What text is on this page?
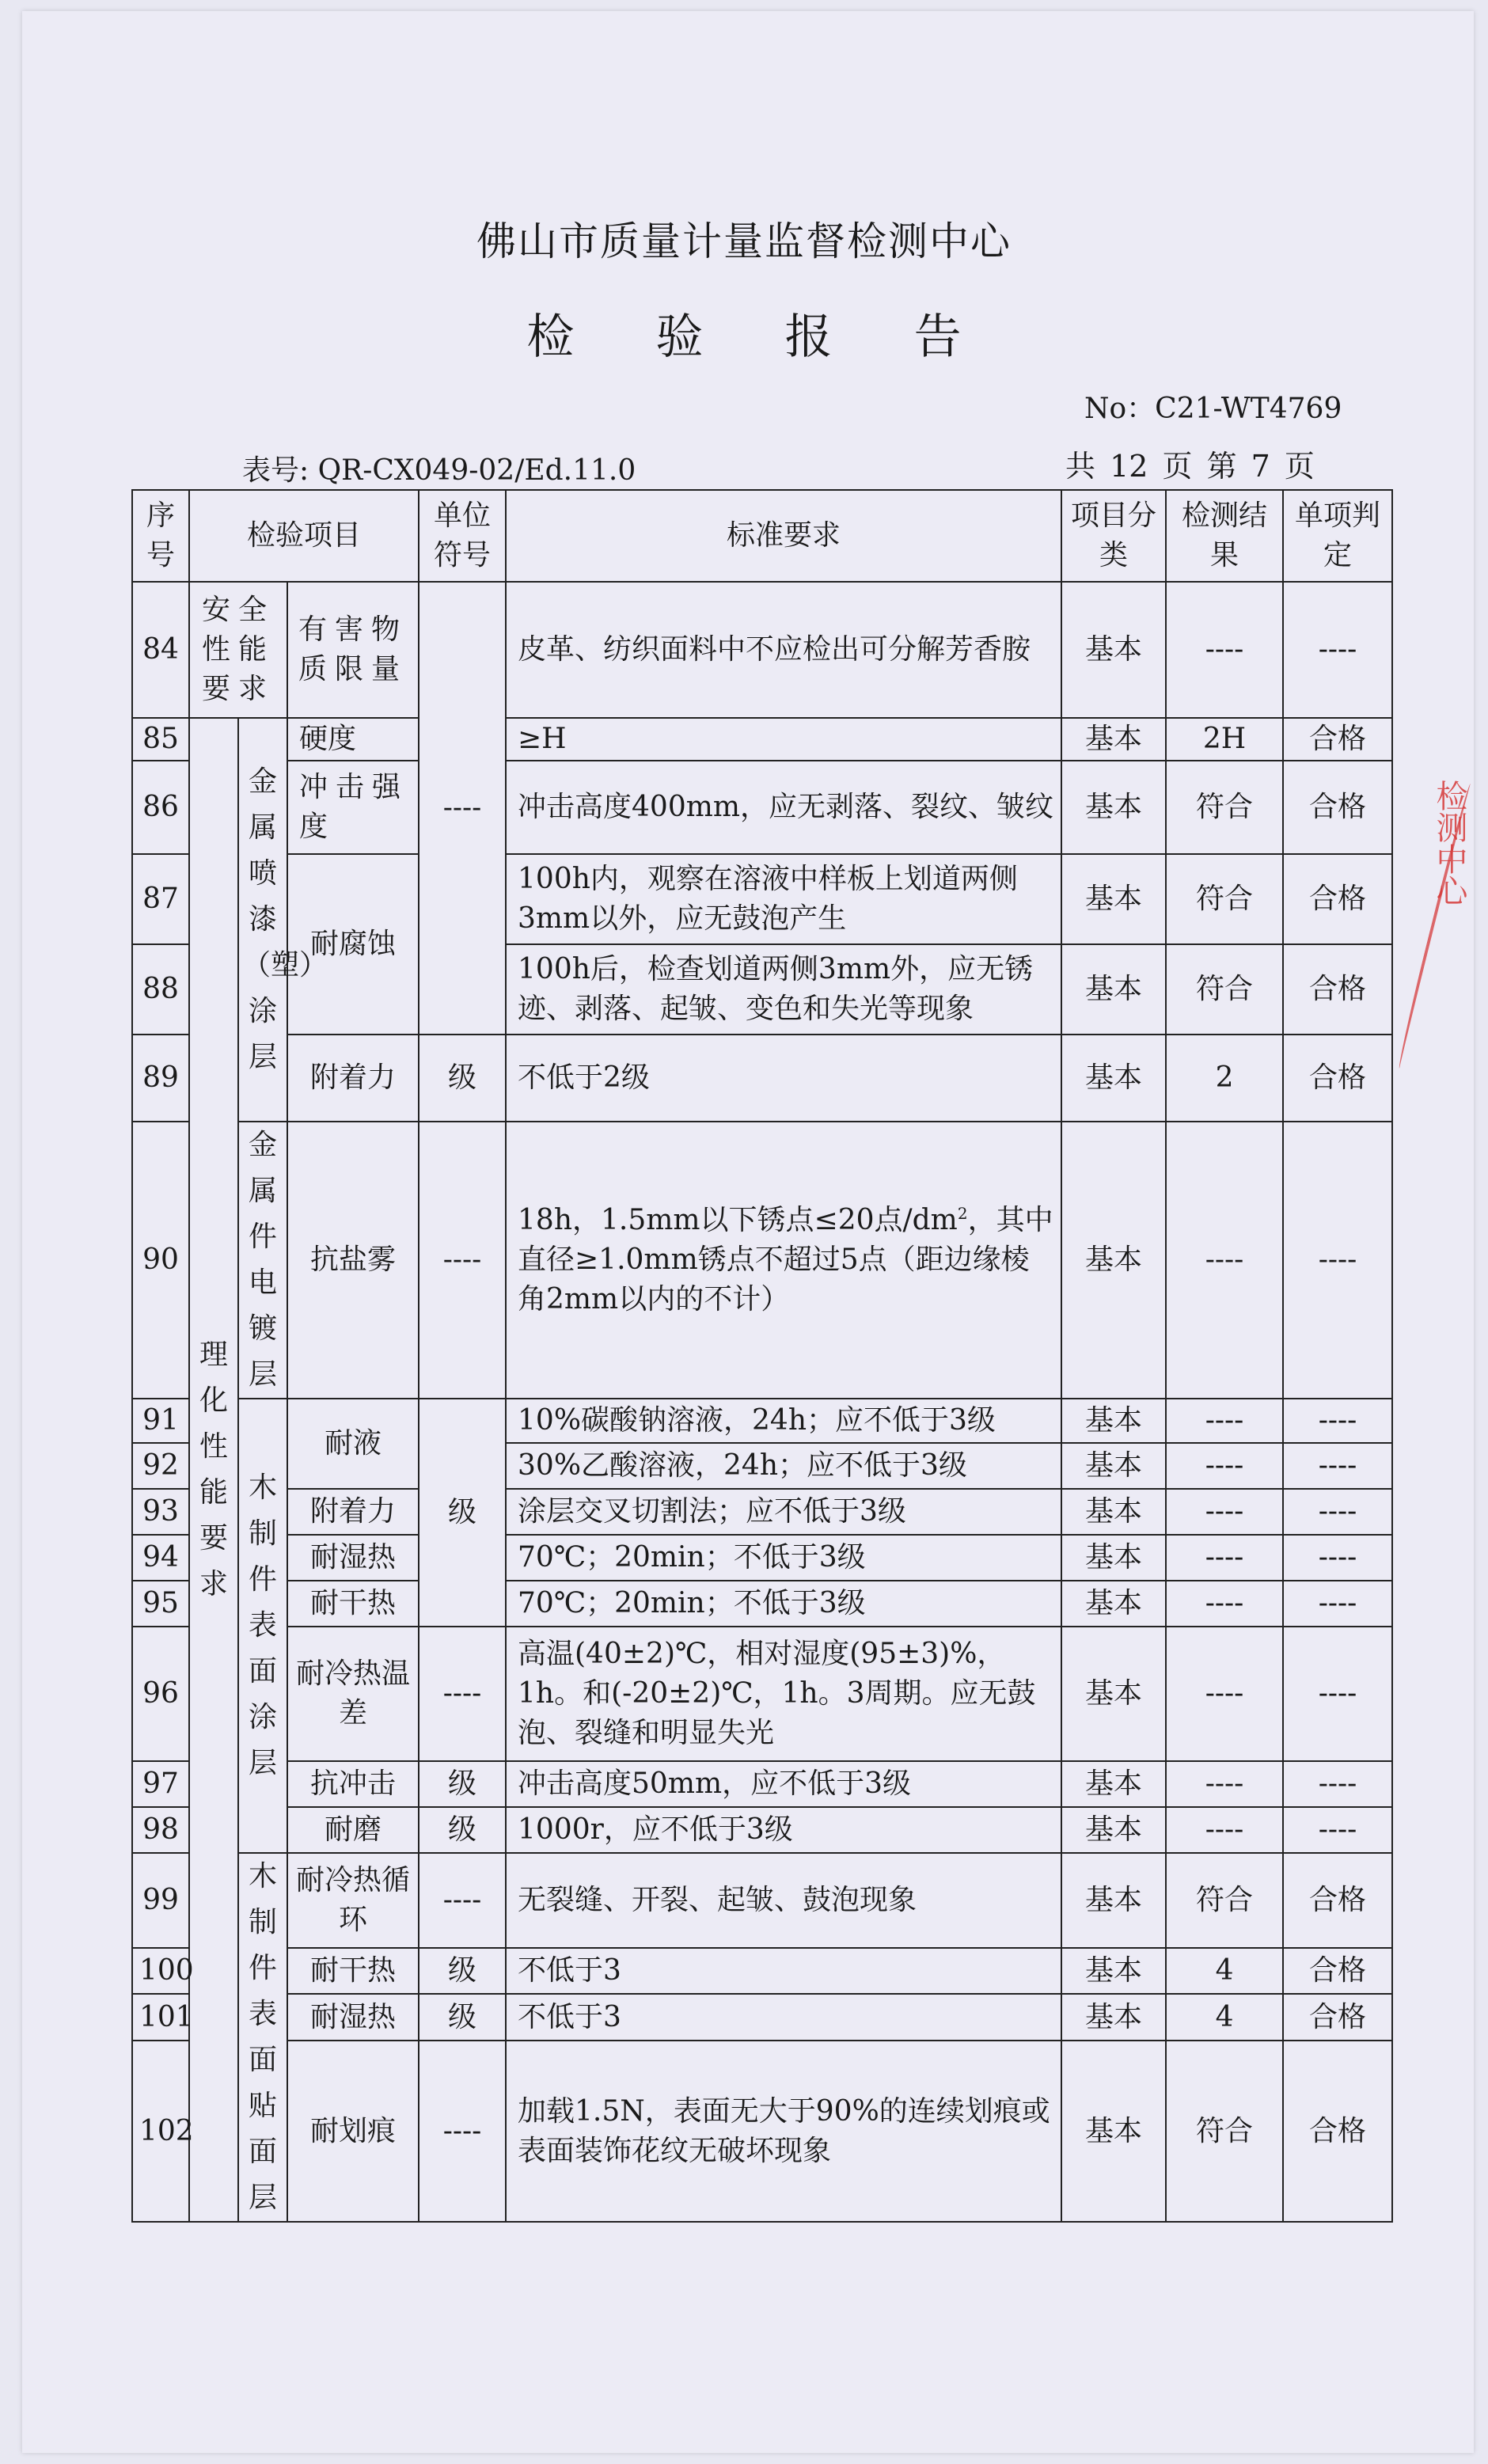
佛山市质量计量监督检测中心
检 验 报 告
No：C21-WT4769
表号: QR-CX049-02/Ed.11.0	共 12 页 第 7 页
检测中心
序号	检验项目			单位符号	标准要求	项目分类	检测结果	单项判定
84	安全性能要求		有害物质限量	----	皮革、纺织面料中不应检出可分解芳香胺	基本	----	----
85	理化性能要求	金属喷漆（塑）涂层	硬度		≥H	基本	2H	合格
86			冲击强度		冲击高度400mm，应无剥落、裂纹、皱纹	基本	符合	合格
87			耐腐蚀		100h内，观察在溶液中样板上划道两侧3mm以外，应无鼓泡产生	基本	符合	合格
88					100h后，检查划道两侧3mm外，应无锈迹、剥落、起皱、变色和失光等现象	基本	符合	合格
89			附着力	级	不低于2级	基本	2	合格
90		金属件电镀层	抗盐雾	----	18h，1.5mm以下锈点≤20点$/dm^2$，其中直径≥1.0mm锈点不超过5点（距边缘棱角2mm以内的不计）	基本	----	----
91		木制件表面涂层	耐液	级	10%碳酸钠溶液，24h；应不低于3级	基本	----	----
92					30%乙酸溶液，24h；应不低于3级	基本	----	----
93			附着力		涂层交叉切割法；应不低于3级	基本	----	----
94			耐湿热		70℃；20min；不低于3级	基本	----	----
95			耐干热		70℃；20min；不低于3级	基本	----	----
96			耐冷热温差	----	高温(40±2)℃，相对湿度(95±3)%，1h。和(-20±2)℃，1h。3周期。应无鼓泡、裂缝和明显失光	基本	----	----
97			抗冲击	级	冲击高度50mm，应不低于3级	基本	----	----
98			耐磨	级	1000r，应不低于3级	基本	----	----
99		木制件表面贴面层	耐冷热循环	----	无裂缝、开裂、起皱、鼓泡现象	基本	符合	合格
100			耐干热	级	不低于3	基本	4	合格
101			耐湿热	级	不低于3	基本	4	合格
102			耐划痕	----	加载1.5N，表面无大于90%的连续划痕或表面装饰花纹无破坏现象	基本	符合	合格
